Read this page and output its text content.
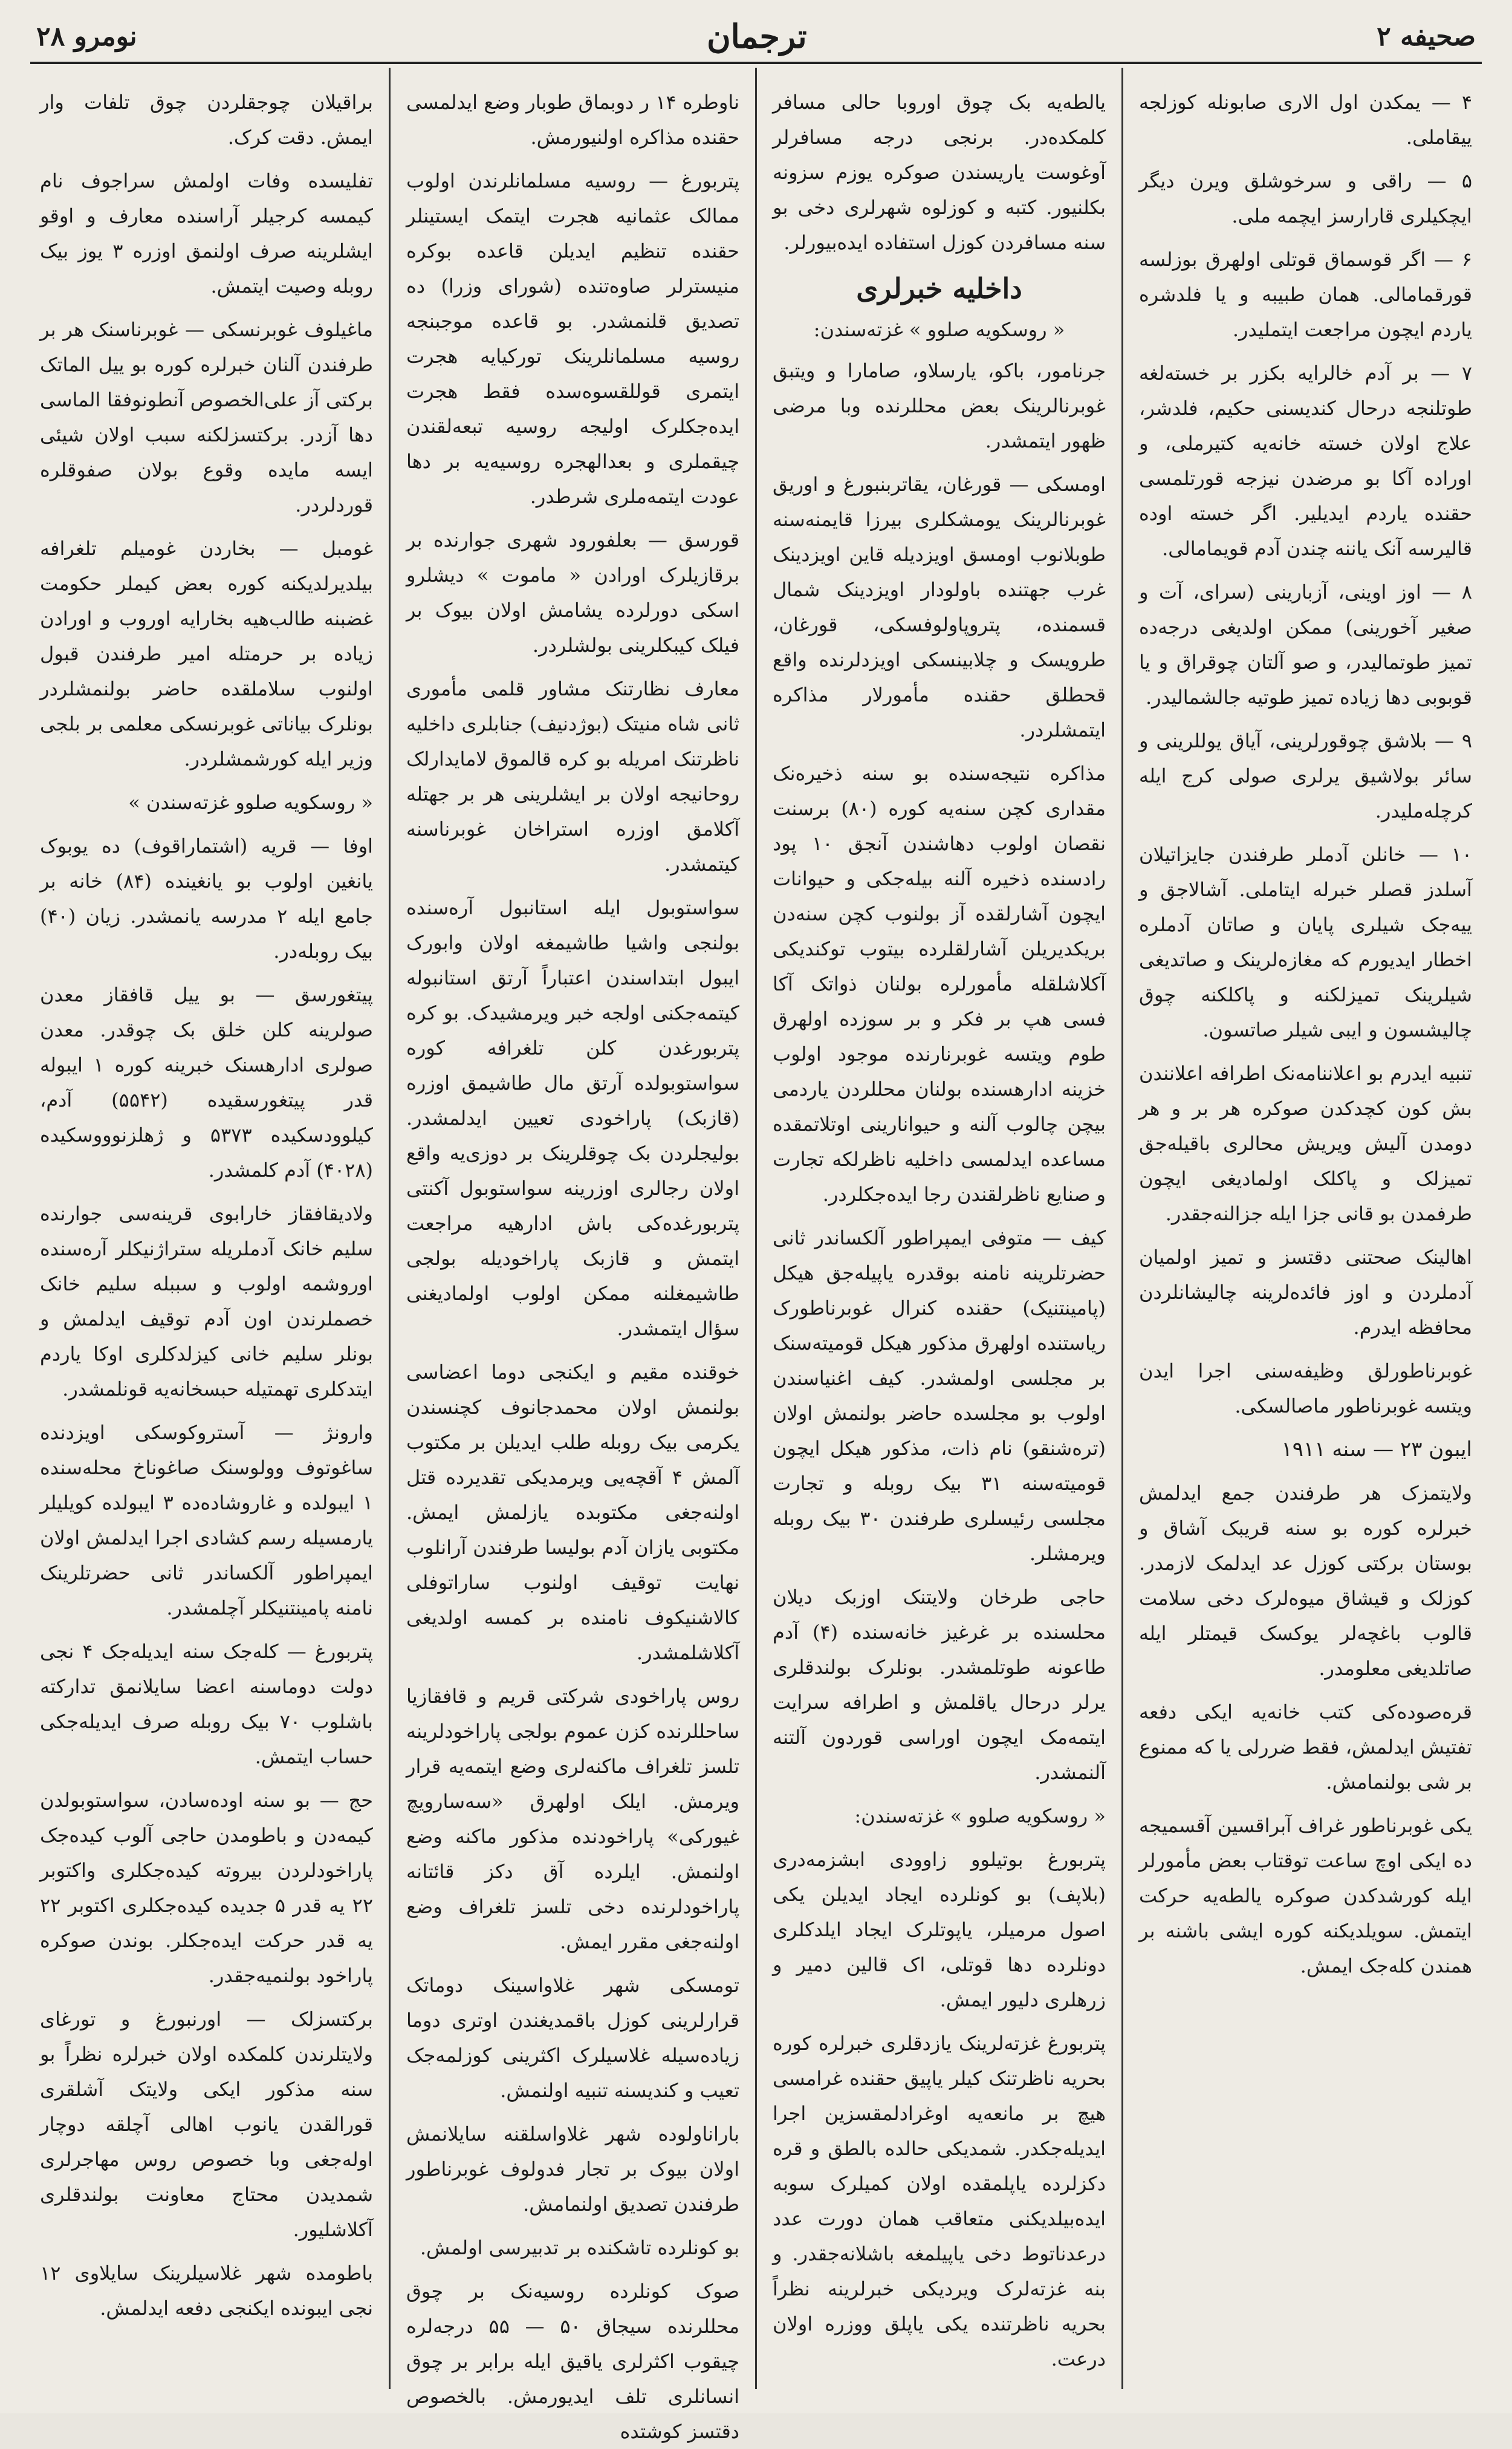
صحیفه ۲
ترجمان
نومرو ۲۸

۴ — یمکدن اول الاری صابونله کوزلجه ییقاملی.

۵ — راقی و سرخوشلق ویرن دیگر ایچکیلری قارارسز ایچمه ملی.

۶ — اگر قوسماق قوتلی اولهرق بوزلسه قورقمامالی. همان طبیبه و یا فلدشره یاردم ایچون مراجعت ایتملیدر.

۷ — بر آدم خالرایه بکزر بر خسته‌لغه طوتلنجه درحال کندیسنی حکیم، فلدشر، علاج اولان خسته خانه‌یه کتیرملی، و اوراده آکا بو مرضدن نیزجه قورتلمسی حقنده یاردم ایدیلیر. اگر خسته اوده قالیرسه آنک یاننه چندن آدم قویمامالی.

۸ — اوز اوینی، آزبارینی (سرای، آت و صغیر آخورینی) ممکن اولدیغی درجه‌ده تمیز طوتمالیدر، و صو آلتان چوقراق و یا قوبوبی دها زیاده تمیز طوتیه جالشمالیدر.

۹ — بلاشق چوقورلرینی، آیاق یوللرینی و سائر بولاشیق یرلری صولی کرج ایله کرچله‌ملیدر.

۱۰ — خانلن آدملر طرفندن جایزاتیلان آسلدز قصلر خبرله ایتاملی. آشالاجق و ییه‌جک شیلری پایان و صاتان آدملره اخطار ایدیورم که مغازه‌لرینک و صاتدیغی شیلرینک تمیزلکنه و پاکلکنه چوق چالیشسون و ایبی شیلر صاتسون.

تنبیه ایدرم بو اعلاننامه‌نک اطرافه اعلانندن بش کون کچدکدن صوکره هر بر و هر دومدن آلیش ویریش محالری باقیله‌جق تمیزلک و پاکلک اولمادیغی ایچون طرفمدن بو قانی جزا ایله جزالنه‌جقدر.

اهالینک صحتنی دقتسز و تمیز اولمیان آدملردن و اوز فائده‌لرینه چالیشانلردن محافظه ایدرم.

غوبرناطورلق وظیفه‌سنی اجرا ایدن ویتسه غوبرناطور ماصالسکی.

ایبون ۲۳ — سنه ۱۹۱۱

ولایتمزک هر طرفندن جمع ایدلمش خبرلره کوره بو سنه قریبک آشاق و بوستان برکتی کوزل عد ایدلمک لازمدر. کوزلک و قیشاق میوه‌لرک دخی سلامت قالوب باغچه‌لر یوکسک قیمتلر ایله صاتلدیغی معلومدر.

قره‌صوده‌کی کتب خانه‌یه ایکی دفعه تفتیش ایدلمش، فقط ضررلی یا که ممنوع بر شی بولنمامش.

یکی غوبرناطور غراف آبراقسین آقسمیجه ده ایکی اوچ ساعت توقتاب بعض مأمورلر ایله کورشدکدن صوکره یالطه‌یه حرکت ایتمش. سویلدیکنه کوره ایشی باشنه بر همندن کله‌جک ایمش.

یالطه‌یه بک چوق اوروبا حالی مسافر کلمکده‌در. برنجی درجه مسافرلر آوغوست یاریسندن صوکره یوزم سزونه بکلنیور. کتبه و کوزلوه شهرلری دخی بو سنه مسافردن کوزل استفاده ایده‌بیورلر.

داخلیه خبرلری
« روسکویه صلوو » غزته‌سندن:

جرنامور، باکو، یارسلاو، صامارا و ویتبق غوبرنالرینک بعض محللرنده وبا مرضی ظهور ایتمشدر.

اومسکی — قورغان، یقاتربنبورغ و اوریق غوبرنالرینک یومشکلری بیرزا قایمنه‌سنه طوبلانوب اومسق اویزدیله قاین اویزدینک غرب جهتنده باولودار اویزدینک شمال قسمنده، پتروپاولوفسکی، قورغان، طرویسک و چلابینسکی اویزدلرنده واقع قحطلق حقنده مأمورلار مذاکره ایتمشلردر.

مذاکره نتیجه‌سنده بو سنه ذخیره‌نک مقداری کچن سنه‌یه کوره (۸۰) برسنت نقصان اولوب دهاشندن آنجق ۱۰ پود رادسنده ذخیره آلنه بیله‌جکی و حیوانات ایچون آشارلقده آز بولنوب کچن سنه‌دن بریکدیریلن آشارلقلرده بیتوب توکندیکی آکلاشلقله مأمورلره بولنان ذواتک آکا فسی هپ بر فکر و بر سوزده اولهرق طوم ویتسه غوبرنارنده موجود اولوب خزینه ادارهسنده بولنان محللردن یاردمی بیچن چالوب آلنه و حیوانارینی اوتلاتمقده مساعده ایدلمسی داخلیه ناظرلکه تجارت و صنایع ناظرلقندن رجا ایده‌جکلردر.

کیف — متوفی ایمپراطور آلکساندر ثانی حضرتلرینه نامنه بوقدره یاپیله‌جق هیکل (پامینتنیک) حقنده کنرال غوبرناطورک ریاستنده اولهرق مذکور هیکل قومیته‌سنک بر مجلسی اولمشدر. کیف اغنیاسندن اولوب بو مجلسده حاضر بولنمش اولان (تره‌شنقو) نام ذات، مذکور هیکل ایچون قومیته‌سنه ۳۱ بیک روبله و تجارت مجلسی رئیسلری طرفندن ۳۰ بیک روبله ویرمشلر.

حاجی طرخان ولایتنک اوزبک دیلان محلسنده بر غرغیز خانه‌سنده (۴) آدم طاعونه طوتلمشدر. بونلرک بولندقلری یرلر درحال یاقلمش و اطرافه سرایت ایتمه‌مک ایچون اوراسی قوردون آلتنه آلنمشدر.

« روسکویه صلوو » غزته‌سندن:

پتربورغ بوتیلوو زاوودی ابشزمه‌دری (بلاپف) بو کونلرده ایجاد ایدیلن یکی اصول مرمیلر، یاپوتلرک ایجاد ایلدکلری دونلرده دها قوتلی، اک قالین دمیر و زرهلری دلیور ایمش.

پتربورغ غزته‌لرینک یازدقلری خبرلره کوره بحریه ناظرتنک کیلر یاپیق حقنده غرامسی هیچ بر مانعه‌یه اوغرادلمقسزین اجرا ایدیله‌جکدر. شمدیکی حالده بالطق و قره دکزلرده یاپلمقده اولان کمیلرک سوبه ایده‌بیلدیکنی متعاقب همان دورت عدد درعدناتوط دخی یاپیلمغه باشلانه‌جقدر. و بنه غزته‌لرک ویردیکی خبرلرینه نظراً بحریه ناظرتنده یکی یاپلق ووزره اولان درعت.

ناوطره ۱۴ ر دوبماق طوبار وضع ایدلمسی حقنده مذاکره اولنیورمش.

پتربورغ — روسیه مسلمانلرندن اولوب ممالک عثمانیه هجرت ایتمک ایستینلر حقنده تنظیم ایدیلن قاعده بوکره منیسترلر صاوه‌تنده (شورای وزرا) ده تصدیق قلنمشدر. بو قاعده موجبنجه روسیه مسلمانلرینک تورکیایه هجرت ایتمری قوللقسوه‌سده فقط هجرت ایده‌جکلرک اولیجه روسیه تبعه‌لقندن چیقملری و بعدالهجره روسیه‌یه بر دها عودت ایتمه‌ملری شرطدر.

قورسق — بعلفورود شهری جوارنده بر برقازیلرک اورادن « ماموت » دیشلرو اسکی دورلرده یشامش اولان بیوک بر فیلک کیبکلرینی بولشلردر.

معارف نظارتنک مشاور قلمی مأموری ثانی شاه منیتک (بوژدنیف) جنابلری داخلیه ناظرتنک امریله بو کره قالموق لامایدارلک روحانیجه اولان بر ایشلرینی هر بر جهتله آکلامق اوزره استراخان غوبرناسنه کیتمشدر.

سواستوبول ایله استانبول آره‌سنده بولنجی واشیا طاشیمغه اولان وابورک ایبول ابتداسندن اعتباراً آرتق استانبوله کیتمه‌جکنی اولجه خبر ویرمشیدک. بو کره پتربورغدن کلن تلغرافه کوره سواستوبولده آرتق مال طاشیمق اوزره (قازبک) پاراخودی تعیین ایدلمشدر. بولیجلردن بک چوقلرینک بر دوزی‌یه واقع اولان رجالری اوزرینه سواستوبول آکنتی پتربورغده‌کی باش ادارهیه مراجعت ایتمش و قازبک پاراخودیله بولجی طاشیمغلنه ممکن اولوب اولمادیغنی سؤال ایتمشدر.

خوقنده مقیم و ایکنجی دوما اعضاسی بولنمش اولان محمدجانوف کچنسندن یکرمی بیک روبله طلب ایدیلن بر مکتوب آلمش ۴ آقچه‌یی ویرمدیکی تقدیرده قتل اولنه‌جغی مکتوبده یازلمش ایمش. مکتوبی یازان آدم بولیسا طرفندن آرانلوب نهایت توقیف اولنوب ساراتوفلی کالاشنیکوف نامنده بر کمسه اولدیغی آکلاشلمشدر.

روس پاراخودی شرکتی قریم و قافقازیا ساحللرنده کزن عموم بولجی پاراخودلرینه تلسز تلغراف ماکنه‌لری وضع ایتمه‌یه قرار ویرمش. ایلک اولهرق «سه‌سارویچ غیورکی» پاراخودنده مذکور ماکنه وضع اولنمش. ایلرده آق دکز قائتانه پاراخودلرنده دخی تلسز تلغراف وضع اولنه‌جغی مقرر ایمش.

تومسکی شهر غلاواسینک دوماتک قرارلرینی کوزل باقمدیغندن اوتری دوما زیاده‌سیله غلاسیلرک اکثرینی کوزلمه‌جک تعیب و کندیسنه تنبیه اولنمش.

باراناولوده شهر غلاواسلقنه سایلانمش اولان بیوک بر تجار فدولوف غوبرناطور طرفندن تصدیق اولنمامش.

بو کونلرده تاشکنده بر تدبیرسی اولمش.

صوک کونلرده روسیه‌نک بر چوق محللرنده سیجاق ۵۰ — ۵۵ درجه‌لره چیقوب اکثرلری یاقیق ایله برابر بر چوق انسانلری تلف ایدیورمش. بالخصوص دقتسز کوشتده

براقیلان چوجقلردن چوق تلفات وار ایمش. دقت کرک.

تفلیسده وفات اولمش سراجوف نام کیمسه کرجیلر آراسنده معارف و اوقو ایشلرینه صرف اولنمق اوزره ۳ یوز بیک روبله وصیت ایتمش.

ماغیلوف غوبرنسکی — غوبرناسنک هر بر طرفندن آلنان خبرلره کوره بو ییل الماتک برکتی آز علی‌الخصوص آنطونوفقا الماسی دها آزدر. برکتسزلکنه سبب اولان شیئی ایسه مایده وقوع بولان صفوقلره قوردلردر.

غومبل — بخاردن غومیلم تلغرافه بیلدیرلدیکنه کوره بعض کیملر حکومت غضبنه طالب‌هیه بخارایه اوروب و اورادن زیاده بر حرمتله امیر طرفندن قبول اولنوب سلاملقده حاضر بولنمشلردر بونلرک بیاناتی غوبرنسکی معلمی بر بلجی وزیر ایله کورشمشلردر.

« روسکویه صلوو غزته‌سندن »

اوفا — قریه (اشتماراقوف) ده یوبوک یانغین اولوب بو یانغینده (۸۴) خانه بر جامع ایله ۲ مدرسه یانمشدر. زیان (۴۰) بیک روبله‌در.

پیتغورسق — بو ییل قافقاز معدن صولرینه کلن خلق بک چوقدر. معدن صولری ادارهسنک خبرینه کوره ۱ ایبوله قدر پیتغورسقیده (۵۵۴۲) آدم، کیلوودسکیده ۵۳۷۳ و ژهلزنوووسکیده (۴۰۲۸) آدم کلمشدر.

ولادیقافقاز خارابوی قرینه‌سی جوارنده سلیم خانک آدملریله ستراژنیکلر آره‌سنده اوروشمه اولوب و سببله سلیم خانک خصملرندن اون آدم توقیف ایدلمش و بونلر سلیم خانی کیزلدکلری اوکا یاردم ایتدکلری تهمتیله حبسخانه‌یه قونلمشدر.

وارونژ — آستروکوسکی اویزدنده ساغوتوف وولوسنک صاغوناخ محله‌سنده ۱ ایبولده و غاروشاده‌ده ۳ ایبولده کویلیلر یارمسیله رسم کشادی اجرا ایدلمش اولان ایمپراطور آلکساندر ثانی حضرتلرینک نامنه پامینتنیکلر آچلمشدر.

پتربورغ — کله‌جک سنه ایدیله‌جک ۴ نجی دولت دوماسنه اعضا سایلانمق تدارکته باشلوب ۷۰ بیک روبله صرف ایدیله‌جکی حساب ایتمش.

حج — بو سنه اوده‌سادن، سواستوبولدن کیمه‌دن و باطومدن حاجی آلوب کیده‌جک پاراخودلردن بیروته کیده‌جکلری واکتوبر ۲۲ یه قدر ۵ جدیده کیده‌جکلری اکتوبر ۲۲ یه قدر حرکت ایده‌جکلر. بوندن صوکره پاراخود بولنمیه‌جقدر.

برکتسزلک — اورنبورغ و تورغای ولایتلرندن کلمکده اولان خبرلره نظراً بو سنه مذکور ایکی ولایتک آشلقری قورالقدن یانوب اهالی آچلقه دوچار اوله‌جغی وبا خصوص روس مهاجرلری شمدیدن محتاج معاونت بولندقلری آکلاشلیور.

باطومده شهر غلاسیلرینک سایلاوی ۱۲ نجی ایبونده ایکنجی دفعه ایدلمش.
